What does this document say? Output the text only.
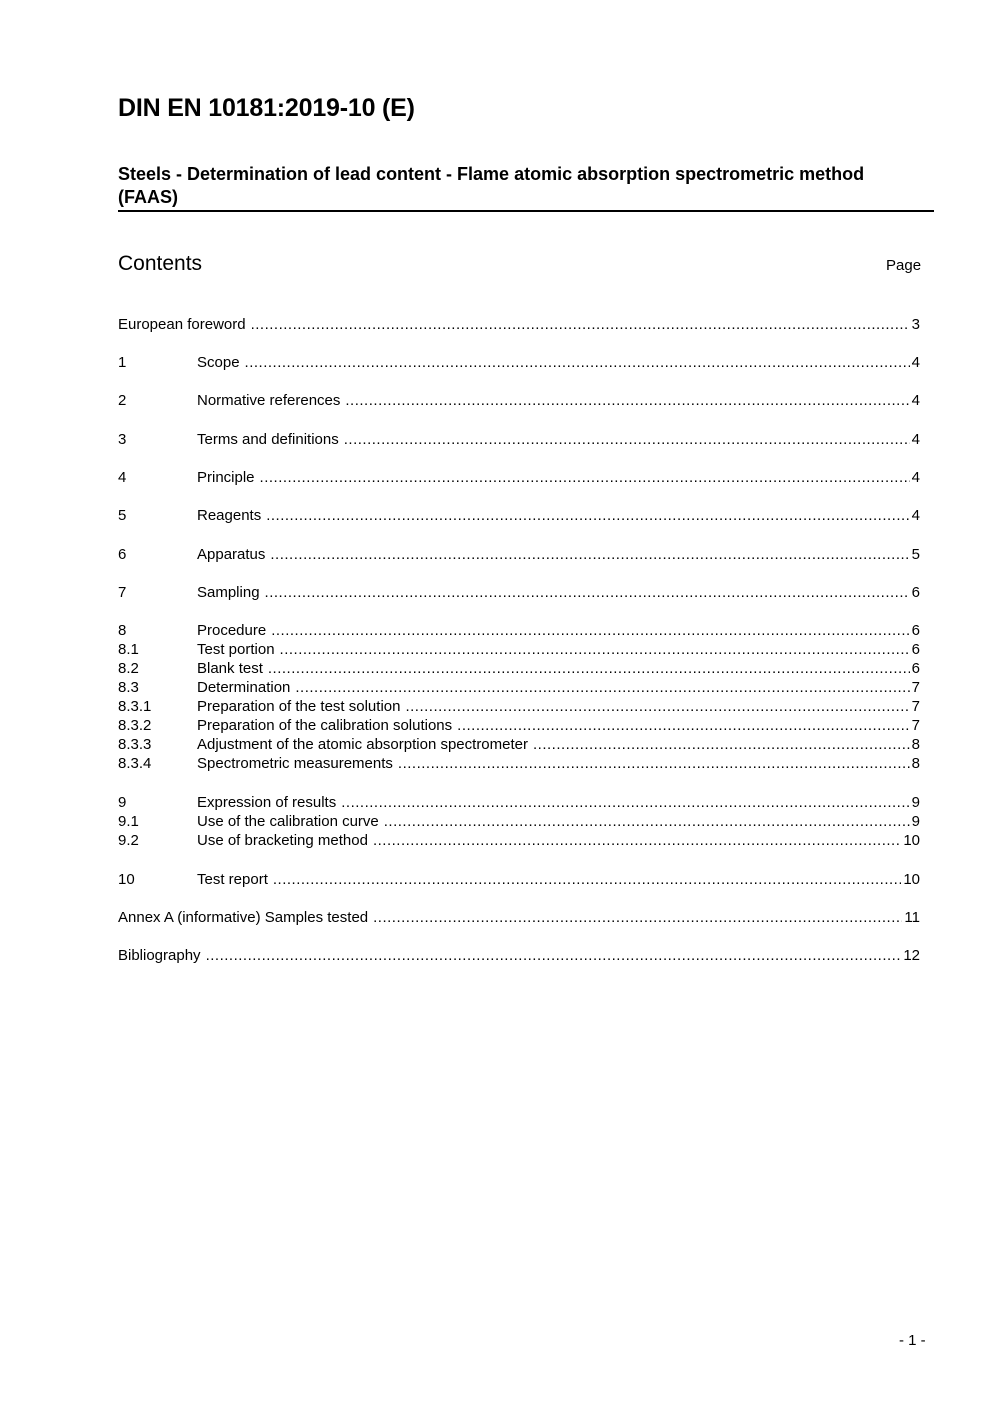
DIN EN 10181:2019-10 (E)
Steels - Determination of lead content - Flame atomic absorption spectrometric method (FAAS)
Contents	Page
European foreword .....	3
1	Scope .....	4
2	Normative references .....	4
3	Terms and definitions .....	4
4	Principle .....	4
5	Reagents .....	4
6	Apparatus .....	5
7	Sampling .....	6
8	Procedure .....	6
8.1	Test portion .....	6
8.2	Blank test .....	6
8.3	Determination .....	7
8.3.1	Preparation of the test solution .....	7
8.3.2	Preparation of the calibration solutions .....	7
8.3.3	Adjustment of the atomic absorption spectrometer .....	8
8.3.4	Spectrometric measurements .....	8
9	Expression of results .....	9
9.1	Use of the calibration curve .....	9
9.2	Use of bracketing method .....	10
10	Test report .....	10
Annex A (informative) Samples tested .....	11
Bibliography .....	12
- 1 -
